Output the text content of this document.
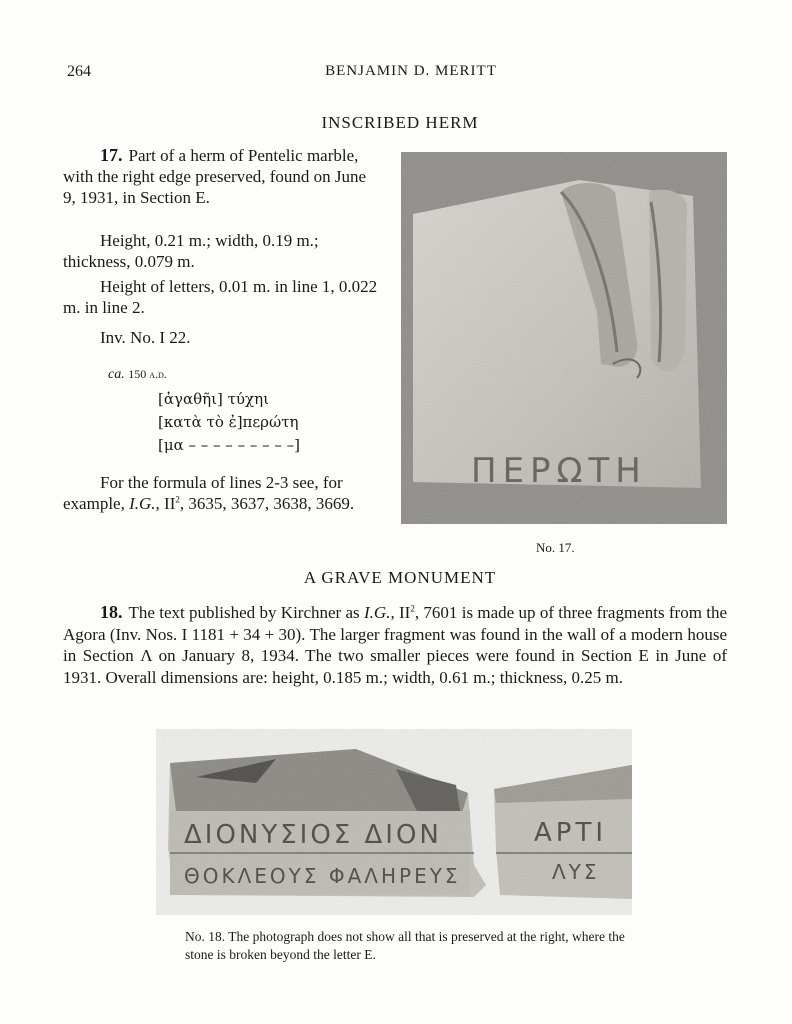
264	BENJAMIN D. MERITT
INSCRIBED HERM
17. Part of a herm of Pentelic marble, with the right edge preserved, found on June 9, 1931, in Section E.
Height, 0.21 m.; width, 0.19 m.; thickness, 0.079 m.
Height of letters, 0.01 m. in line 1, 0.022 m. in line 2.
Inv. No. I 22.
ca. 150 a.d.
[ἀγαθῆι] τύχηι
[κατὰ τὸ ἐ]περώτη
[μα – – – – – – – – –]
For the formula of lines 2-3 see, for example, I.G., $II^2$, 3635, 3637, 3638, 3669.
ΠΕΡΩΤΗ
No. 17.
A GRAVE MONUMENT
18. The text published by Kirchner as I.G., $II^2$, 7601 is made up of three fragments from the Agora (Inv. Nos. I 1181 + 34 + 30). The larger fragment was found in the wall of a modern house in Section Λ on January 8, 1934. The two smaller pieces were found in Section E in June of 1931. Overall dimensions are: height, 0.185 m.; width, 0.61 m.; thickness, 0.25 m.
ΔΙΟΝΥΣΙΟΣ ΔΙΟΝ	ΑΡΤΙ
ΘΟΚΛΕΟΥΣ ΦΑΛΗΡΕΥΣ	ΛΥΣ
No. 18. The photograph does not show all that is preserved at the right, where the stone is broken beyond the letter E.
